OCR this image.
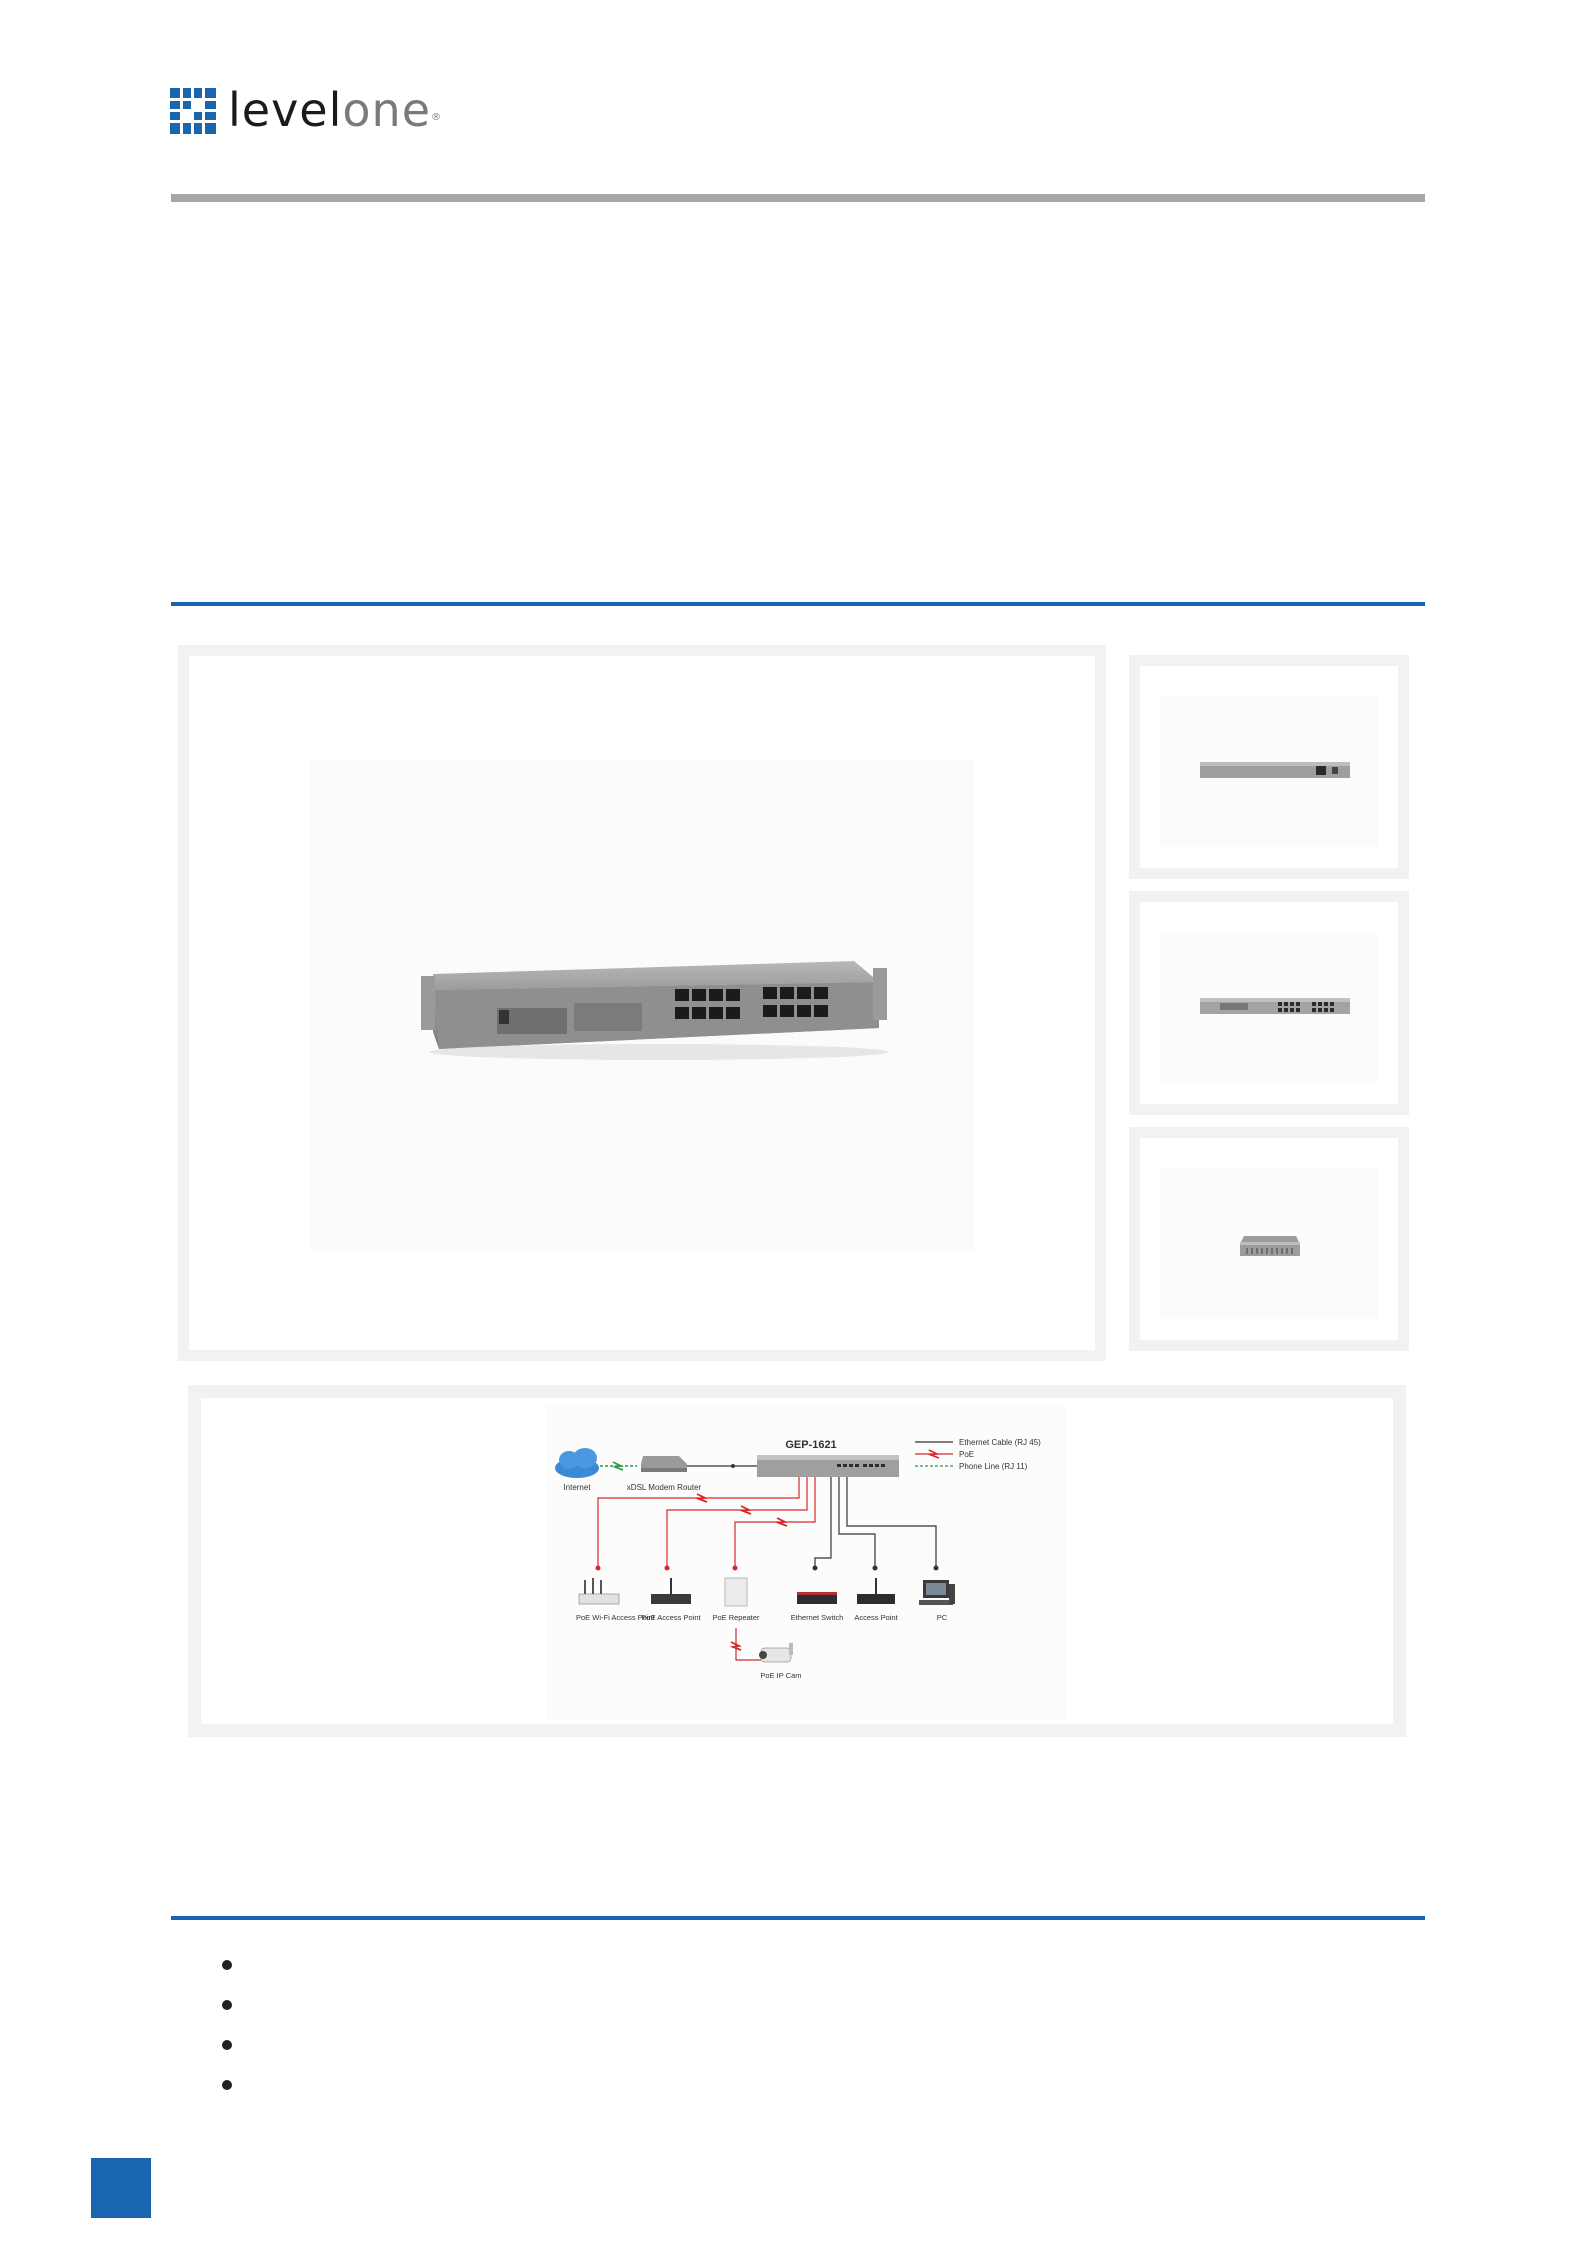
levelone®
GEP-1621	Ethernet Cable (RJ 45)
PoE
Phone Line (RJ 11)
Internet	xDSL Modem Router
PoE Wi-Fi Access Point
PoE Access Point PoE Repeater	Ethernet Switch Access Point	PC
PoE IP Cam
